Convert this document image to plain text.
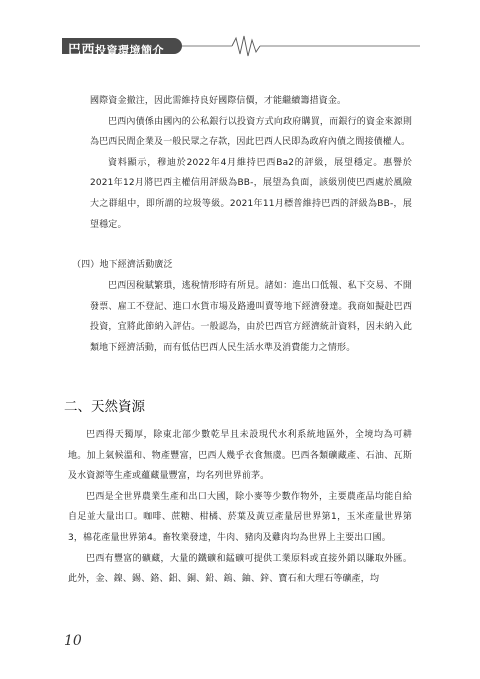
巴西投資環境簡介

國際資金撤注，因此需維持良好國際信價，才能繼續籌措資金。

巴西內債係由國內的公私銀行以投資方式向政府購買，而銀行的資金來源則為巴西民間企業及一般民眾之存款，因此巴西人民即為政府內債之間接債權人。

資料顯示，穆迪於2022年4月維持巴西Ba2的評級，展望穩定。惠譽於2021年12月將巴西主權信用評級為BB-，展望為負面，該級別使巴西處於風險大之群組中，即所謂的垃圾等級。2021年11月標普維持巴西的評級為BB-，展望穩定。

（四）地下經濟活動廣泛

巴西因稅賦繁瑣，逃稅情形時有所見。諸如：進出口低報、私下交易、不開發票、雇工不登記、進口水貨市場及路邊叫賣等地下經濟發達。我商如擬赴巴西投資，宜將此節納入評估。一般認為，由於巴西官方經濟統計資料，因未納入此類地下經濟活動，而有低估巴西人民生活水準及消費能力之情形。

二、天然資源

巴西得天獨厚，除東北部少數乾旱且未設現代水利系統地區外，全境均為可耕地。加上氣候溫和、物產豐富，巴西人幾乎衣食無虞。巴西各類礦藏產、石油、瓦斯及水資源等生產或蘊藏量豐富，均名列世界前茅。

巴西是全世界農業生產和出口大國，除小麥等少數作物外，主要農產品均能自給自足並大量出口。咖啡、蔗糖、柑橘、菸葉及黃豆產量居世界第1，玉米產量世界第3，棉花產量世界第4。畜牧業發達，牛肉、豬肉及雞肉均為世界上主要出口國。

巴西有豐富的礦藏，大量的鐵礦和錳礦可提供工業原料或直接外銷以賺取外匯。此外，金、鎳、錫、鉻、鋁、銅、鉛、鎢、鈾、鋅、寶石和大理石等礦產，均

10
